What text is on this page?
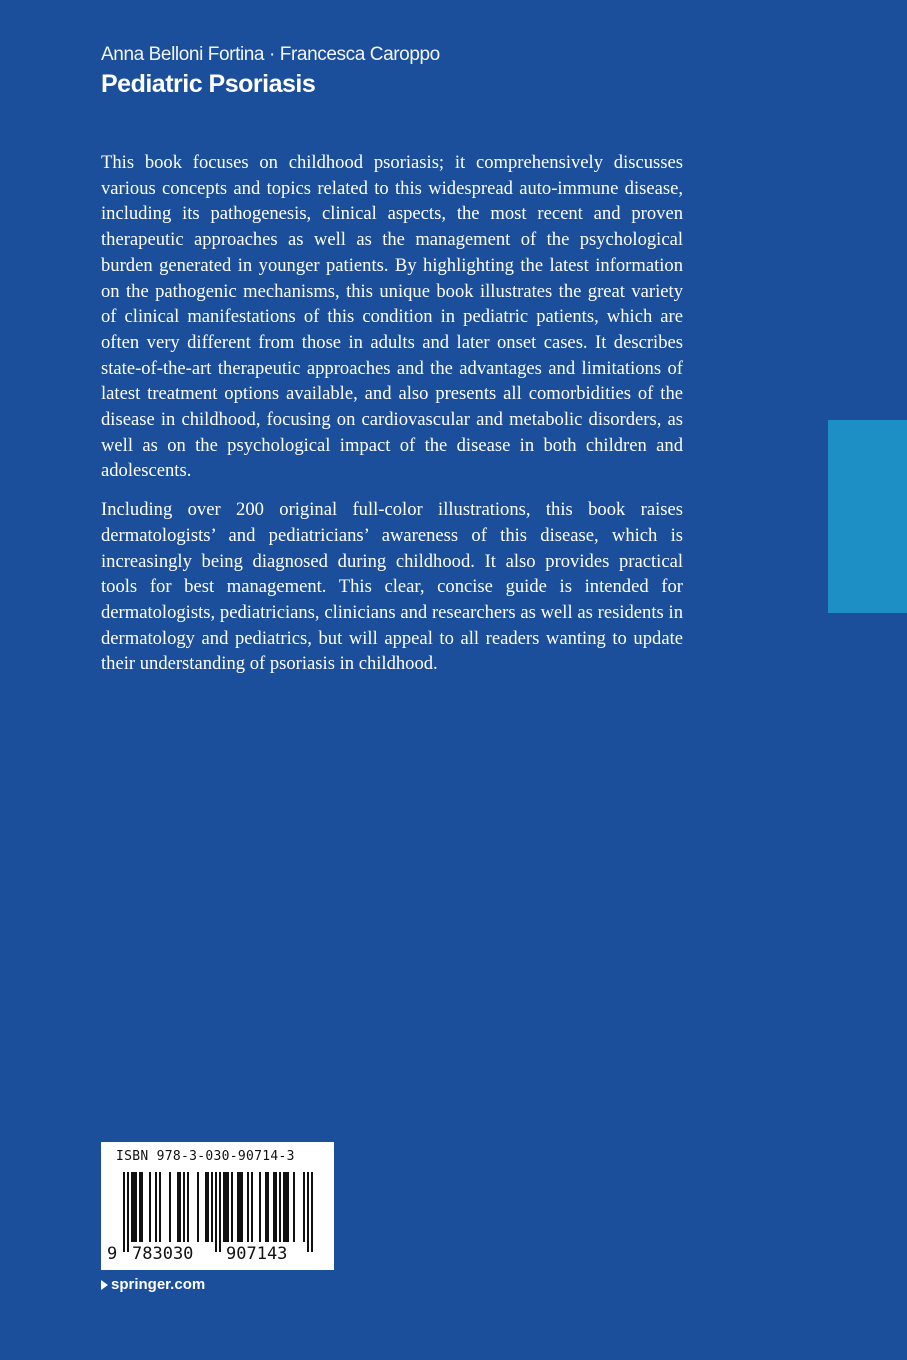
Anna Belloni Fortina · Francesca Caroppo
Pediatric Psoriasis

This book focuses on childhood psoriasis; it comprehensively discusses various concepts and topics related to this widespread auto-immune disease, including its pathogenesis, clinical aspects, the most recent and proven therapeutic approaches as well as the management of the psychological burden generated in younger patients. By highlighting the latest information on the pathogenic mechanisms, this unique book illustrates the great variety of clinical manifestations of this condition in pediatric patients, which are often very different from those in adults and later onset cases. It describes state-of-the-art therapeutic approaches and the advantages and limitations of latest treatment options available, and also presents all comorbidities of the disease in childhood, focusing on cardiovascular and metabolic disorders, as well as on the psychological impact of the disease in both children and adolescents.

Including over 200 original full-color illustrations, this book raises dermatologists’ and pediatricians’ awareness of this disease, which is increasingly being diagnosed during childhood. It also provides practical tools for best management. This clear, concise guide is intended for dermatologists, pediatricians, clinicians and researchers as well as residents in dermatology and pediatrics, but will appeal to all readers wanting to update their understanding of psoriasis in childhood.

ISBN 978-3-030-90714-3
9 783030 907143
springer.com
